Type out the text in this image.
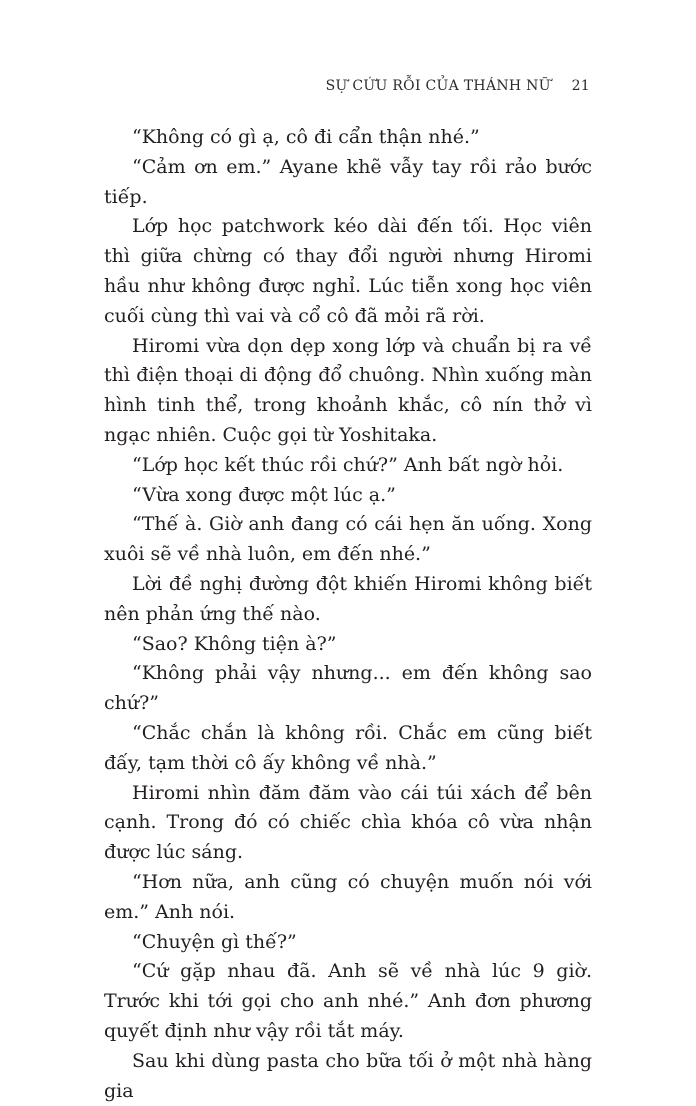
SỰ CỨU RỖI CỦA THÁNH NỮ 21

“Không có gì ạ, cô đi cẩn thận nhé.”

“Cảm ơn em.” Ayane khẽ vẫy tay rồi rảo bước tiếp.

Lớp học patchwork kéo dài đến tối. Học viên thì giữa chừng có thay đổi người nhưng Hiromi hầu như không được nghỉ. Lúc tiễn xong học viên cuối cùng thì vai và cổ cô đã mỏi rã rời.

Hiromi vừa dọn dẹp xong lớp và chuẩn bị ra về thì điện thoại di động đổ chuông. Nhìn xuống màn hình tinh thể, trong khoảnh khắc, cô nín thở vì ngạc nhiên. Cuộc gọi từ Yoshitaka.

“Lớp học kết thúc rồi chứ?” Anh bất ngờ hỏi.

“Vừa xong được một lúc ạ.”

“Thế à. Giờ anh đang có cái hẹn ăn uống. Xong xuôi sẽ về nhà luôn, em đến nhé.”

Lời đề nghị đường đột khiến Hiromi không biết nên phản ứng thế nào.

“Sao? Không tiện à?”

“Không phải vậy nhưng... em đến không sao chứ?”

“Chắc chắn là không rồi. Chắc em cũng biết đấy, tạm thời cô ấy không về nhà.”

Hiromi nhìn đăm đăm vào cái túi xách để bên cạnh. Trong đó có chiếc chìa khóa cô vừa nhận được lúc sáng.

“Hơn nữa, anh cũng có chuyện muốn nói với em.” Anh nói.

“Chuyện gì thế?”

“Cứ gặp nhau đã. Anh sẽ về nhà lúc 9 giờ. Trước khi tới gọi cho anh nhé.” Anh đơn phương quyết định như vậy rồi tắt máy.

Sau khi dùng pasta cho bữa tối ở một nhà hàng gia
